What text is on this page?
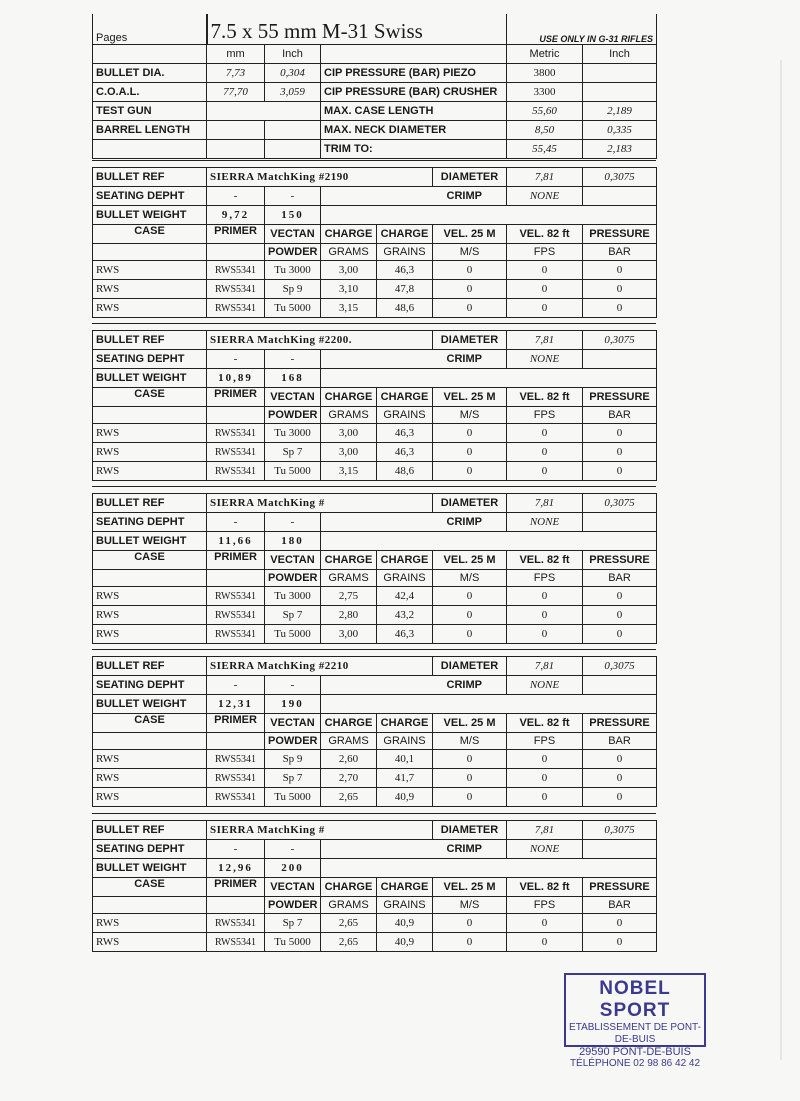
Pages	7.5 x 55 mm M-31 Swiss			USE ONLY IN G-31 RIFLES	
	mm	Inch		Metric	Inch
BULLET DIA.	7,73	0,304	CIP PRESSURE (BAR) PIEZO	3800	
C.O.A.L.	77,70	3,059	CIP PRESSURE (BAR) CRUSHER	3300	
TEST GUN			MAX. CASE LENGTH	55,60	2,189
BARREL LENGTH			MAX. NECK DIAMETER	8,50	0,335
			TRIM TO:	55,45	2,183
NOBEL SPORT
ETABLISSEMENT DE PONT-DE-BUIS
29590 PONT-DE-BUIS
TÉLÉPHONE 02 98 86 42 42
BULLET REF	SIERRA MatchKing #2190				DIAMETER	7,81	0,3075
SEATING DEPHT	-	-	CRIMP			NONE	
BULLET WEIGHT	9,72	150					
CASE	PRIMER	VECTAN	CHARGE	CHARGE	VEL. 25 M	VEL. 82 ft	PRESSURE
		POWDER	GRAMS	GRAINS	M/S	FPS	BAR
RWS	RWS5341	Tu 3000	3,00	46,3	0	0	0
RWS	RWS5341	Sp 9	3,10	47,8	0	0	0
RWS	RWS5341	Tu 5000	3,15	48,6	0	0	0
BULLET REF	SIERRA MatchKing #2200.				DIAMETER	7,81	0,3075
SEATING DEPHT	-	-	CRIMP			NONE	
BULLET WEIGHT	10,89	168					
CASE	PRIMER	VECTAN	CHARGE	CHARGE	VEL. 25 M	VEL. 82 ft	PRESSURE
		POWDER	GRAMS	GRAINS	M/S	FPS	BAR
RWS	RWS5341	Tu 3000	3,00	46,3	0	0	0
RWS	RWS5341	Sp 7	3,00	46,3	0	0	0
RWS	RWS5341	Tu 5000	3,15	48,6	0	0	0
BULLET REF	SIERRA MatchKing #				DIAMETER	7,81	0,3075
SEATING DEPHT	-	-	CRIMP			NONE	
BULLET WEIGHT	11,66	180					
CASE	PRIMER	VECTAN	CHARGE	CHARGE	VEL. 25 M	VEL. 82 ft	PRESSURE
		POWDER	GRAMS	GRAINS	M/S	FPS	BAR
RWS	RWS5341	Tu 3000	2,75	42,4	0	0	0
RWS	RWS5341	Sp 7	2,80	43,2	0	0	0
RWS	RWS5341	Tu 5000	3,00	46,3	0	0	0
BULLET REF	SIERRA MatchKing #2210				DIAMETER	7,81	0,3075
SEATING DEPHT	-	-	CRIMP			NONE	
BULLET WEIGHT	12,31	190					
CASE	PRIMER	VECTAN	CHARGE	CHARGE	VEL. 25 M	VEL. 82 ft	PRESSURE
		POWDER	GRAMS	GRAINS	M/S	FPS	BAR
RWS	RWS5341	Sp 9	2,60	40,1	0	0	0
RWS	RWS5341	Sp 7	2,70	41,7	0	0	0
RWS	RWS5341	Tu 5000	2,65	40,9	0	0	0
BULLET REF	SIERRA MatchKing #				DIAMETER	7,81	0,3075
SEATING DEPHT	-	-	CRIMP			NONE	
BULLET WEIGHT	12,96	200					
CASE	PRIMER	VECTAN	CHARGE	CHARGE	VEL. 25 M	VEL. 82 ft	PRESSURE
		POWDER	GRAMS	GRAINS	M/S	FPS	BAR
RWS	RWS5341	Sp 7	2,65	40,9	0	0	0
RWS	RWS5341	Tu 5000	2,65	40,9	0	0	0
